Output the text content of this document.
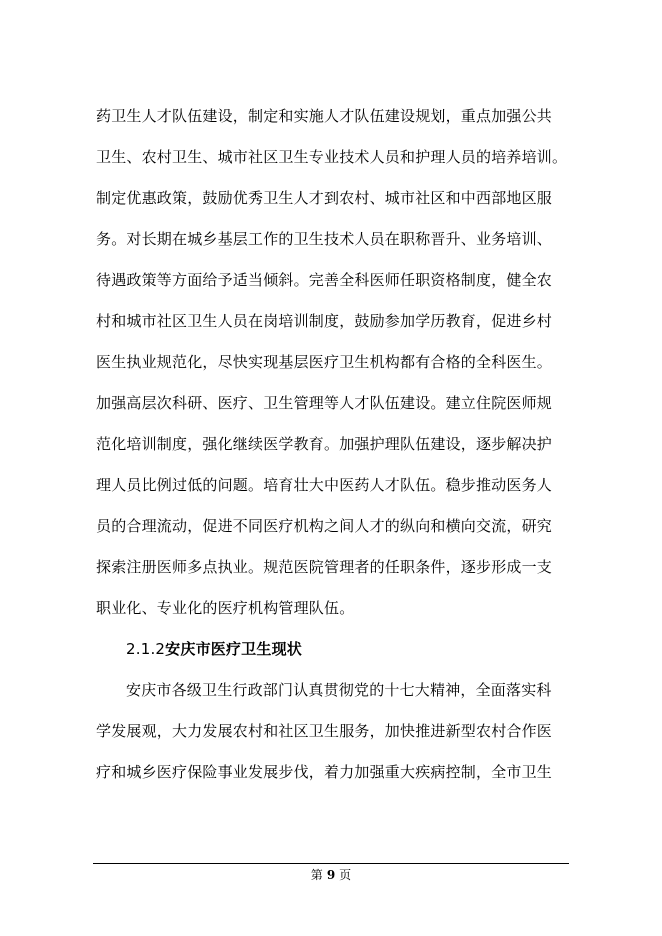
药卫生人才队伍建设，制定和实施人才队伍建设规划，重点加强公共
卫生、农村卫生、城市社区卫生专业技术人员和护理人员的培养培训。
制定优惠政策，鼓励优秀卫生人才到农村、城市社区和中西部地区服
务。对长期在城乡基层工作的卫生技术人员在职称晋升、业务培训、
待遇政策等方面给予适当倾斜。完善全科医师任职资格制度，健全农
村和城市社区卫生人员在岗培训制度，鼓励参加学历教育，促进乡村
医生执业规范化，尽快实现基层医疗卫生机构都有合格的全科医生。
加强高层次科研、医疗、卫生管理等人才队伍建设。建立住院医师规
范化培训制度，强化继续医学教育。加强护理队伍建设，逐步解决护
理人员比例过低的问题。培育壮大中医药人才队伍。稳步推动医务人
员的合理流动，促进不同医疗机构之间人才的纵向和横向交流，研究
探索注册医师多点执业。规范医院管理者的任职条件，逐步形成一支
职业化、专业化的医疗机构管理队伍。
2.1.2安庆市医疗卫生现状
安庆市各级卫生行政部门认真贯彻党的十七大精神，全面落实科
学发展观，大力发展农村和社区卫生服务，加快推进新型农村合作医
疗和城乡医疗保险事业发展步伐，着力加强重大疾病控制，全市卫生
第 9 页
